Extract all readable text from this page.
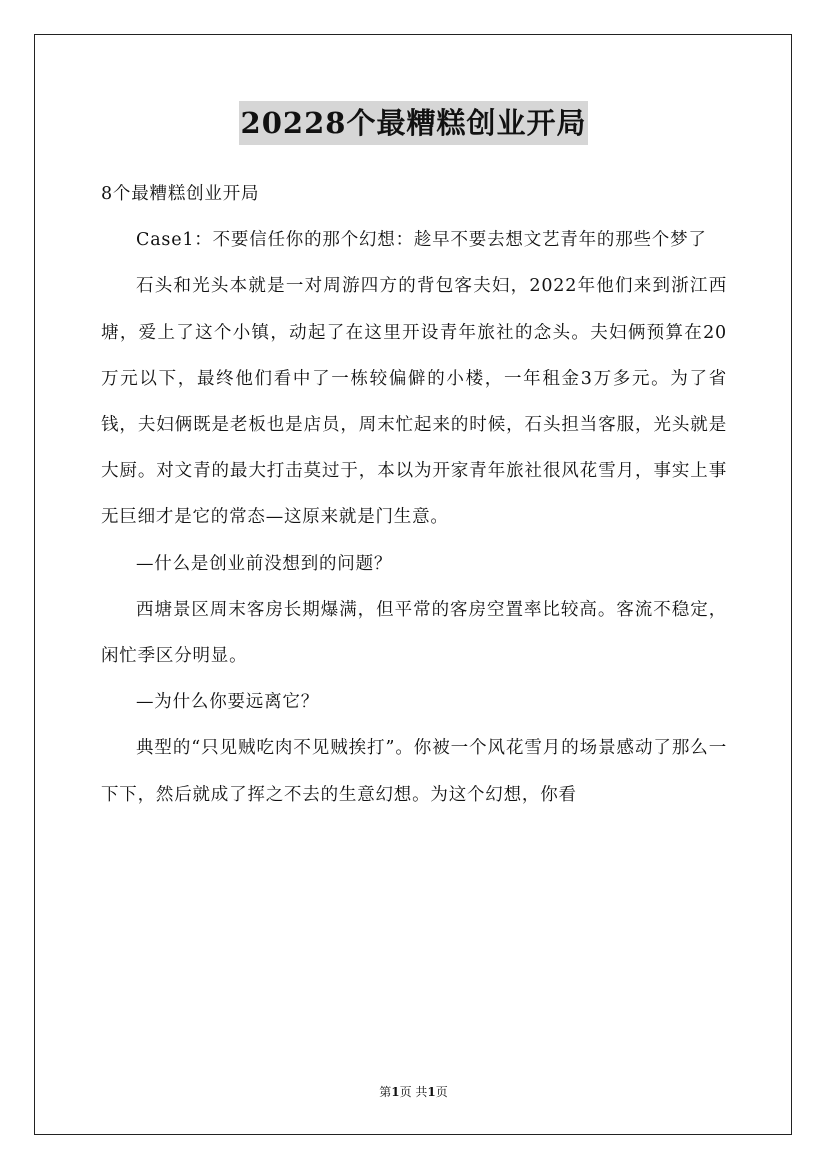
20228个最糟糕创业开局

8个最糟糕创业开局

Case1：不要信任你的那个幻想：趁早不要去想文艺青年的那些个梦了

石头和光头本就是一对周游四方的背包客夫妇，2022年他们来到浙江西塘，爱上了这个小镇，动起了在这里开设青年旅社的念头。夫妇俩预算在20万元以下，最终他们看中了一栋较偏僻的小楼，一年租金3万多元。为了省钱，夫妇俩既是老板也是店员，周末忙起来的时候，石头担当客服，光头就是大厨。对文青的最大打击莫过于，本以为开家青年旅社很风花雪月，事实上事无巨细才是它的常态—这原来就是门生意。

—什么是创业前没想到的问题？

西塘景区周末客房长期爆满，但平常的客房空置率比较高。客流不稳定，闲忙季区分明显。

—为什么你要远离它？

典型的“只见贼吃肉不见贼挨打”。你被一个风花雪月的场景感动了那么一下下，然后就成了挥之不去的生意幻想。为这个幻想，你看

第1页 共1页
